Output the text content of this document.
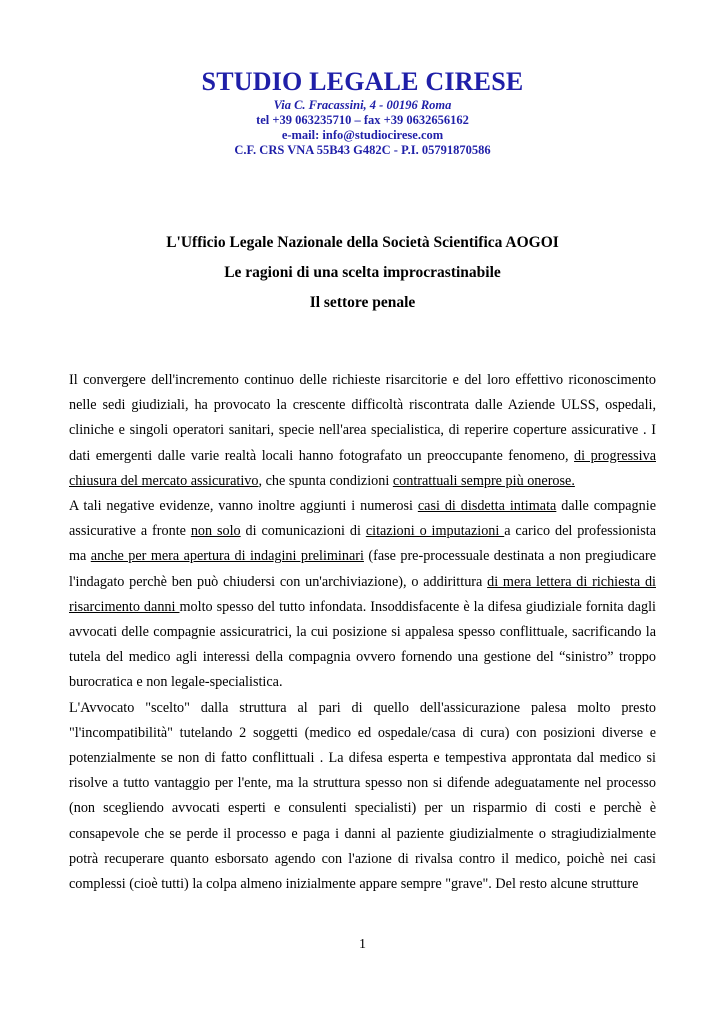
STUDIO LEGALE CIRESE
Via C. Fracassini, 4 - 00196 Roma
tel +39 063235710 – fax +39 0632656162
e-mail: info@studiocirese.com
C.F. CRS VNA 55B43 G482C - P.I. 05791870586
L'Ufficio Legale Nazionale della Società Scientifica AOGOI
Le ragioni di una scelta improcrastinabile
Il settore penale

Il convergere dell'incremento continuo delle richieste risarcitorie e del loro effettivo riconoscimento nelle sedi giudiziali, ha provocato la crescente difficoltà riscontrata dalle Aziende ULSS, ospedali, cliniche e singoli operatori sanitari, specie nell'area specialistica, di reperire coperture assicurative . I dati emergenti dalle varie realtà locali hanno fotografato un preoccupante fenomeno, di progressiva chiusura del mercato assicurativo, che spunta condizioni contrattuali sempre più onerose.

A tali negative evidenze, vanno inoltre aggiunti i numerosi casi di disdetta intimata dalle compagnie assicurative a fronte non solo di comunicazioni di citazioni o imputazioni a carico del professionista ma anche per mera apertura di indagini preliminari (fase pre-processuale destinata a non pregiudicare l'indagato perchè ben può chiudersi con un'archiviazione), o addirittura di mera lettera di richiesta di risarcimento danni molto spesso del tutto infondata. Insoddisfacente è la difesa giudiziale fornita dagli avvocati delle compagnie assicuratrici, la cui posizione si appalesa spesso conflittuale, sacrificando la tutela del medico agli interessi della compagnia ovvero fornendo una gestione del “sinistro” troppo burocratica e non legale-specialistica.

L'Avvocato "scelto" dalla struttura al pari di quello dell'assicurazione palesa molto presto "l'incompatibilità" tutelando 2 soggetti (medico ed ospedale/casa di cura) con posizioni diverse e potenzialmente se non di fatto conflittuali . La difesa esperta e tempestiva approntata dal medico si risolve a tutto vantaggio per l'ente, ma la struttura spesso non si difende adeguatamente nel processo (non scegliendo avvocati esperti e consulenti specialisti) per un risparmio di costi e perchè è consapevole che se perde il processo e paga i danni al paziente giudizialmente o stragiudizialmente potrà recuperare quanto esborsato agendo con l'azione di rivalsa contro il medico, poichè nei casi complessi (cioè tutti) la colpa almeno inizialmente appare sempre "grave". Del resto alcune strutture

1
